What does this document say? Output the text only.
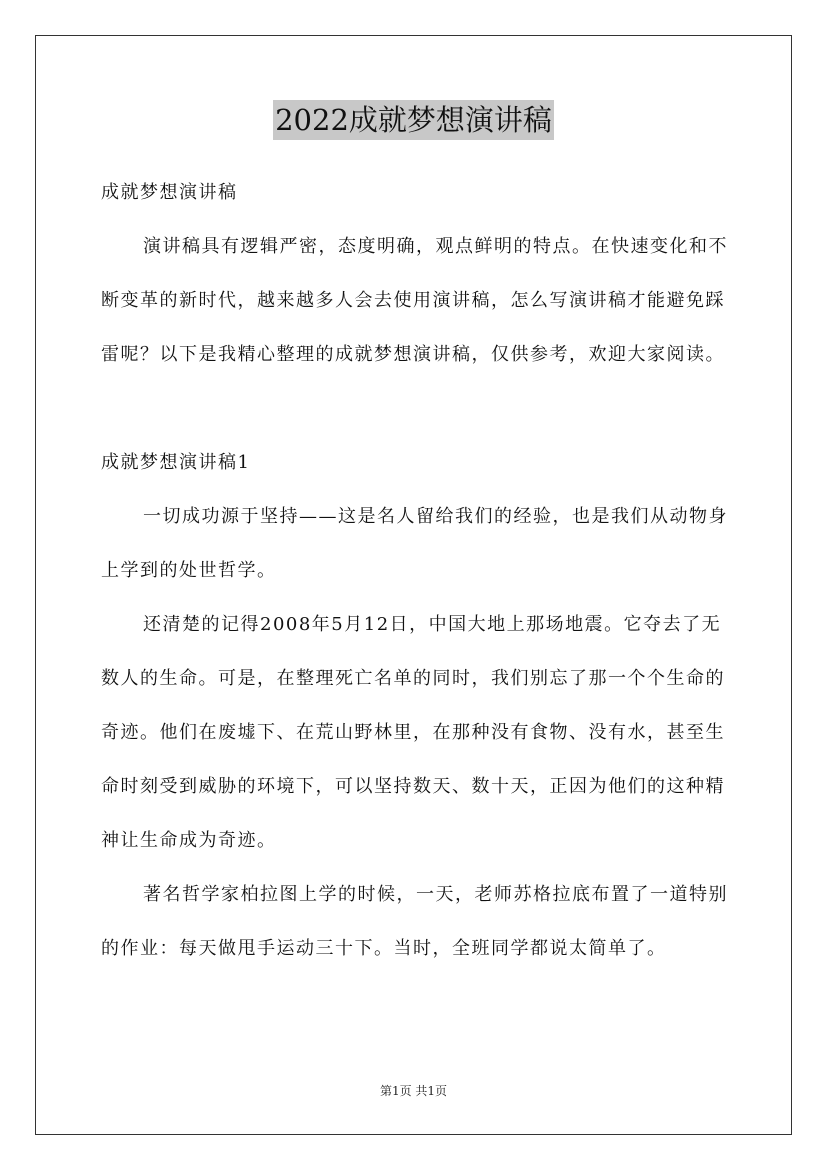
2022成就梦想演讲稿

成就梦想演讲稿

演讲稿具有逻辑严密，态度明确，观点鲜明的特点。在快速变化和不断变革的新时代，越来越多人会去使用演讲稿，怎么写演讲稿才能避免踩雷呢？以下是我精心整理的成就梦想演讲稿，仅供参考，欢迎大家阅读。

成就梦想演讲稿1

一切成功源于坚持——这是名人留给我们的经验，也是我们从动物身上学到的处世哲学。

还清楚的记得2008年5月12日，中国大地上那场地震。它夺去了无数人的生命。可是，在整理死亡名单的同时，我们别忘了那一个个生命的奇迹。他们在废墟下、在荒山野林里，在那种没有食物、没有水，甚至生命时刻受到威胁的环境下，可以坚持数天、数十天，正因为他们的这种精神让生命成为奇迹。

著名哲学家柏拉图上学的时候，一天，老师苏格拉底布置了一道特别的作业：每天做甩手运动三十下。当时，全班同学都说太简单了。

第1页 共1页
